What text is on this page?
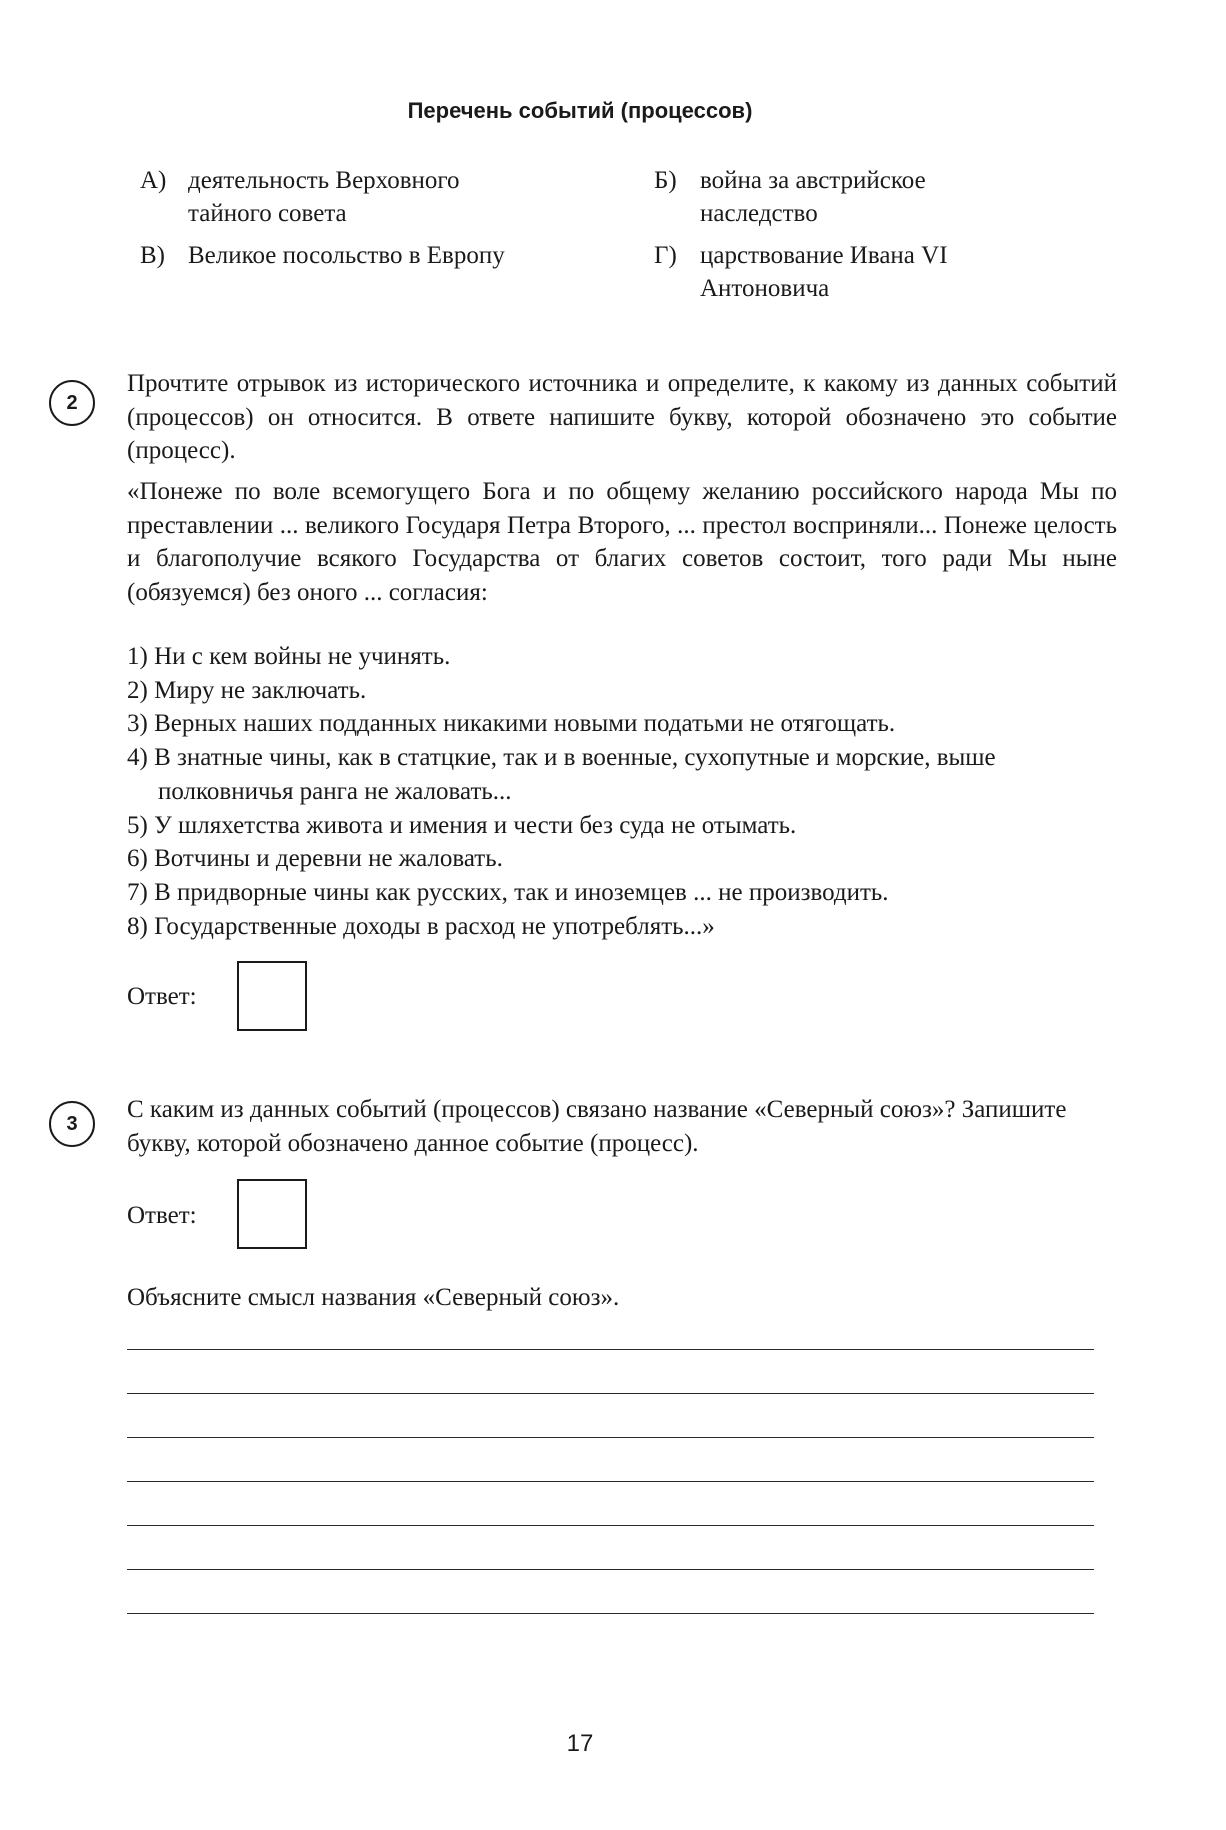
Перечень событий (процессов)
А) деятельность Верховного
тайного совета
Б) война за австрийское
наследство
В) Великое посольство в Европу	Г) царствование Ивана VI
Антоновича
2
Прочтите отрывок из исторического источника и определите, к какому из данных событий (процессов) он относится. В ответе напишите букву, которой обозначено это событие (процесс).
«Понеже по воле всемогущего Бога и по общему желанию российского народа Мы по преставлении ... великого Государя Петра Второго, ... престол восприняли... Понеже целость и благополучие всякого Государства от благих советов состоит, того ради Мы ныне (обязуемся) без оного ... согласия:
1) Ни с кем войны не учинять.
2) Миру не заключать.
3) Верных наших подданных никакими новыми податьми не отягощать.
4) В знатные чины, как в статцкие, так и в военные, сухопутные и морские, выше полковничья ранга не жаловать...
5) У шляхетства живота и имения и чести без суда не отымать.
6) Вотчины и деревни не жаловать.
7) В придворные чины как русских, так и иноземцев ... не производить.
8) Государственные доходы в расход не употреблять...»
Ответ:
3
С каким из данных событий (процессов) связано название «Северный союз»? Запишите букву, которой обозначено данное событие (процесс).
Ответ:
Объясните смысл названия «Северный союз».
17
